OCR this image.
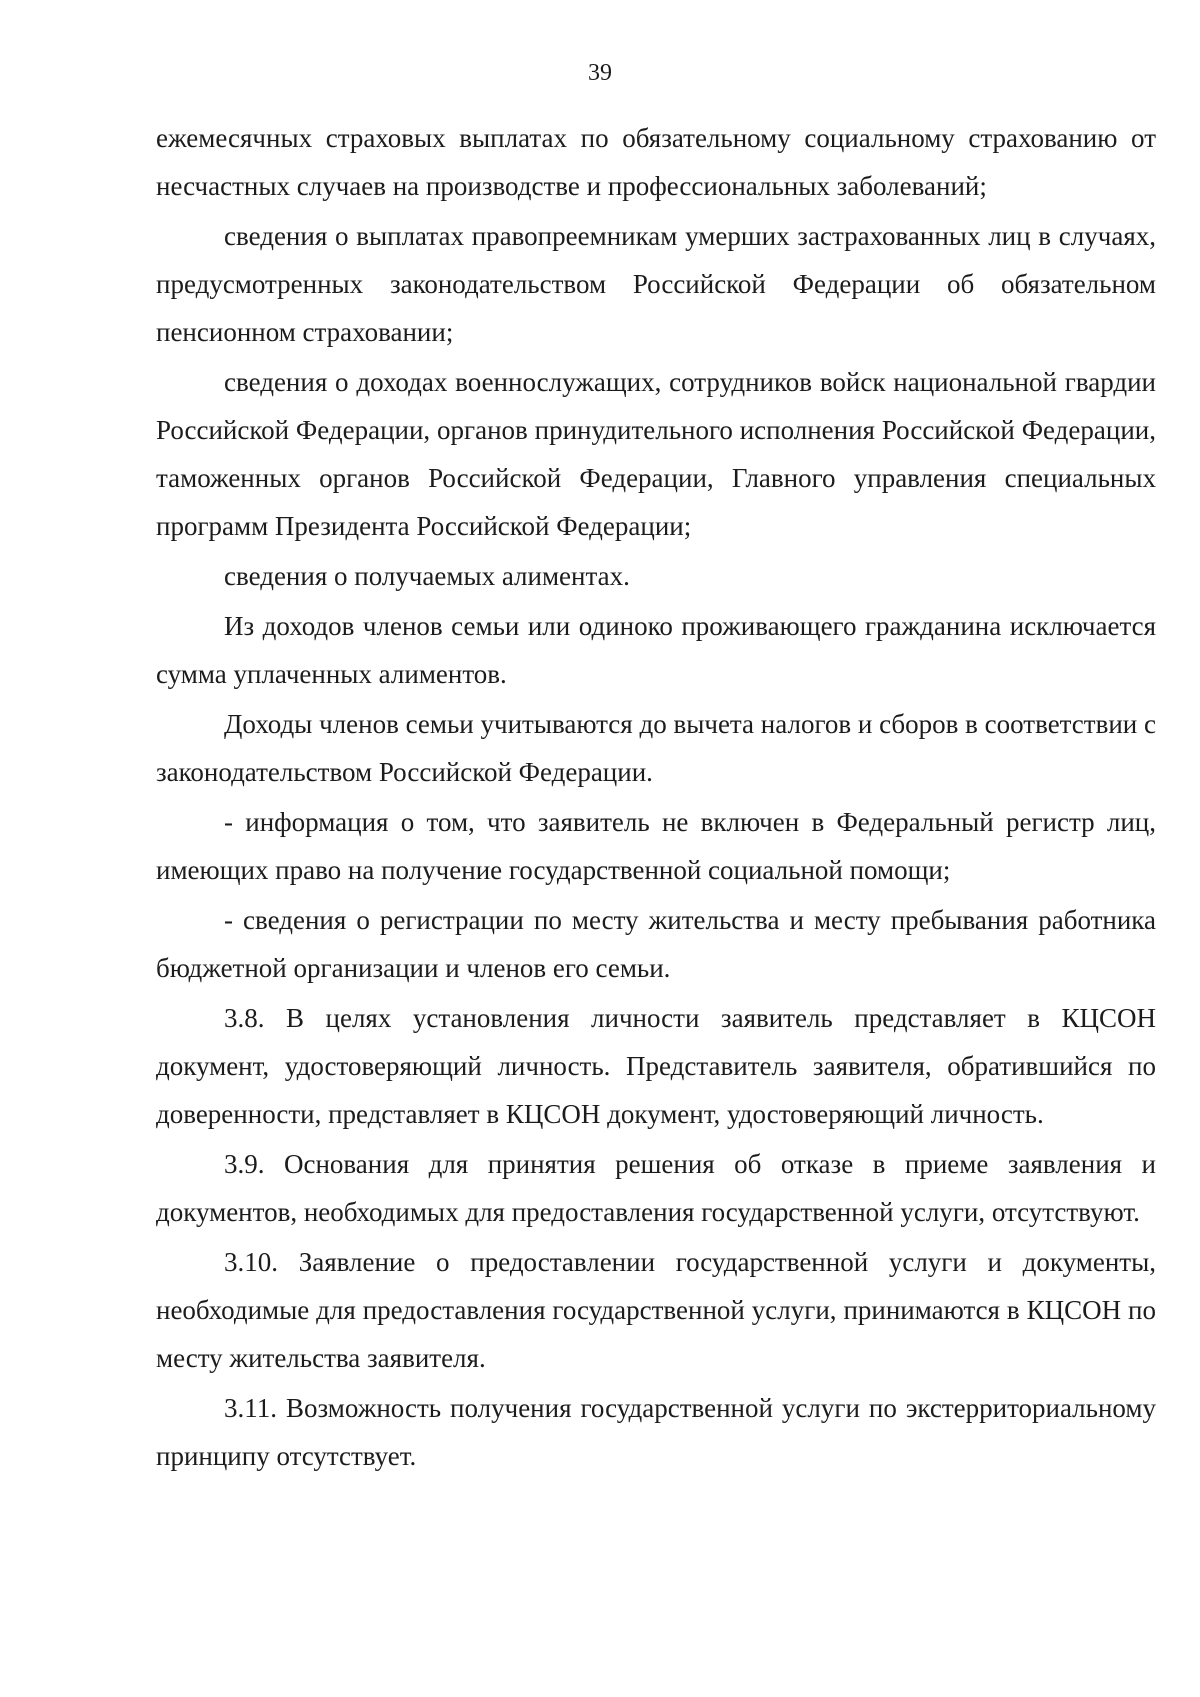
39

ежемесячных страховых выплатах по обязательному социальному страхованию от несчастных случаев на производстве и профессиональных заболеваний;

сведения о выплатах правопреемникам умерших застрахованных лиц в случаях, предусмотренных законодательством Российской Федерации об обязательном пенсионном страховании;

сведения о доходах военнослужащих, сотрудников войск национальной гвардии Российской Федерации, органов принудительного исполнения Российской Федерации, таможенных органов Российской Федерации, Главного управления специальных программ Президента Российской Федерации;

сведения о получаемых алиментах.

Из доходов членов семьи или одиноко проживающего гражданина исключается сумма уплаченных алиментов.

Доходы членов семьи учитываются до вычета налогов и сборов в соответствии с законодательством Российской Федерации.

- информация о том, что заявитель не включен в Федеральный регистр лиц, имеющих право на получение государственной социальной помощи;

- сведения о регистрации по месту жительства и месту пребывания работника бюджетной организации и членов его семьи.

3.8. В целях установления личности заявитель представляет в КЦСОН документ, удостоверяющий личность. Представитель заявителя, обратившийся по доверенности, представляет в КЦСОН документ, удостоверяющий личность.

3.9. Основания для принятия решения об отказе в приеме заявления и документов, необходимых для предоставления государственной услуги, отсутствуют.

3.10. Заявление о предоставлении государственной услуги и документы, необходимые для предоставления государственной услуги, принимаются в КЦСОН по месту жительства заявителя.

3.11. Возможность получения государственной услуги по экстерриториальному принципу отсутствует.
